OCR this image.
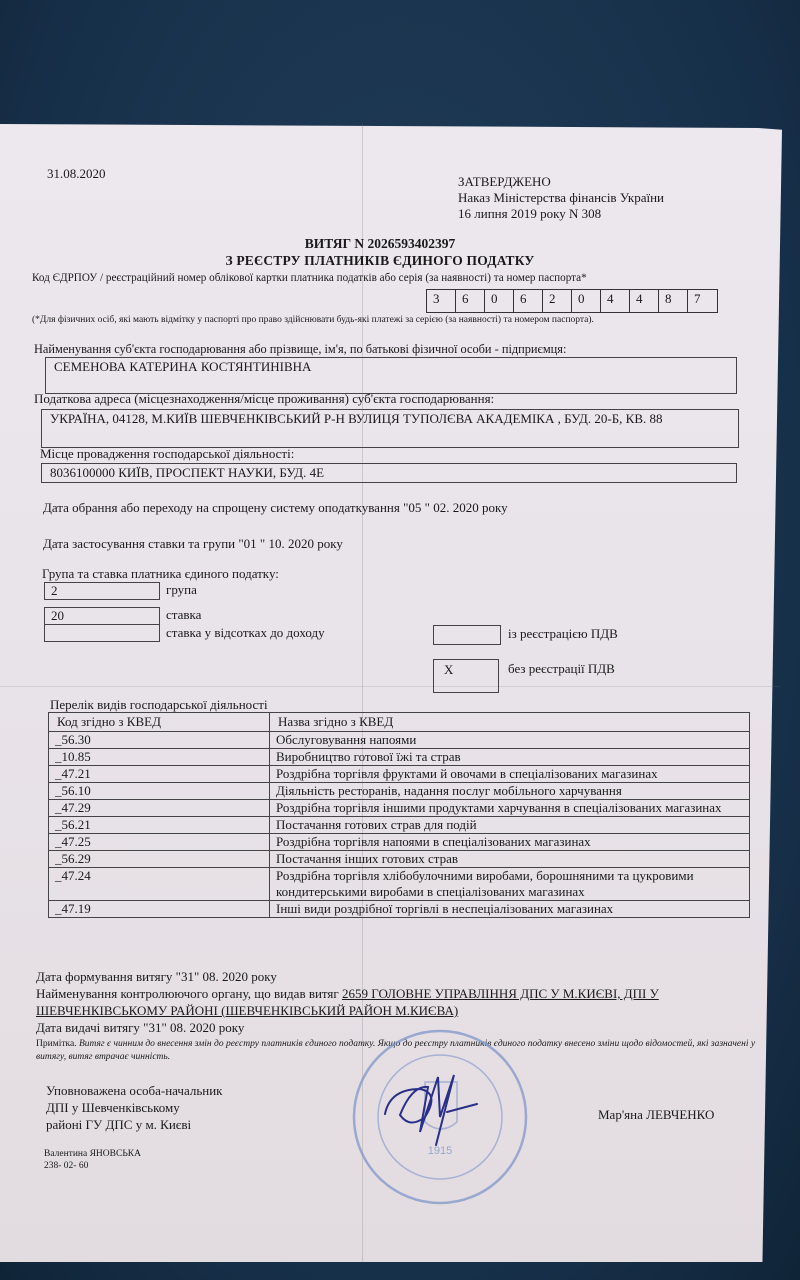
31.08.2020
ЗАТВЕРДЖЕНО
Наказ Міністерства фінансів України
16 липня 2019 року N 308
ВИТЯГ N 2026593402397
З РЕЄСТРУ ПЛАТНИКІВ ЄДИНОГО ПОДАТКУ
Код ЄДРПОУ / реєстраційний номер облікової картки платника податків або серія (за наявності) та номер паспорта*
3	6	0	6	2	0	4	4	8	7
(*Для фізичних осіб, які мають відмітку у паспорті про право здійснювати будь-які платежі за серією (за наявності) та номером паспорта).
Найменування суб'єкта господарювання або прізвище, ім'я, по батькові фізичної особи - підприємця:
СЕМЕНОВА КАТЕРИНА КОСТЯНТИНІВНА
Податкова адреса (місцезнаходження/місце проживання) суб'єкта господарювання:
УКРАЇНА, 04128, М.КИЇВ ШЕВЧЕНКІВСЬКИЙ Р-Н ВУЛИЦЯ ТУПОЛЄВА АКАДЕМІКА , БУД. 20-Б, КВ. 88
Місце провадження господарської діяльності:
8036100000 КИЇВ, ПРОСПЕКТ НАУКИ, БУД. 4Е
Дата обрання або переходу на спрощену систему оподаткування "05 " 02. 2020 року
Дата застосування ставки та групи "01 " 10. 2020 року
Група та ставка платника єдиного податку:
2	група
20	ставка
ставка у відсотках до доходу	із реєстрацією ПДВ
X	без реєстрації ПДВ
Перелік видів господарської діяльності
Код згідно з КВЕД	Назва згідно з КВЕД
_56.30	Обслуговування напоями
_10.85	Виробництво готової їжі та страв
_47.21	Роздрібна торгівля фруктами й овочами в спеціалізованих магазинах
_56.10	Діяльність ресторанів, надання послуг мобільного харчування
_47.29	Роздрібна торгівля іншими продуктами харчування в спеціалізованих магазинах
_56.21	Постачання готових страв для подій
_47.25	Роздрібна торгівля напоями в спеціалізованих магазинах
_56.29	Постачання інших готових страв
_47.24	Роздрібна торгівля хлібобулочними виробами, борошняними та цукровими кондитерськими виробами в спеціалізованих магазинах
_47.19	Інші види роздрібної торгівлі в неспеціалізованих магазинах
Дата формування витягу "31" 08. 2020 року
Найменування контролюючого органу, що видав витяг 2659 ГОЛОВНЕ УПРАВЛІННЯ ДПС У М.КИЄВІ, ДПІ У ШЕВЧЕНКІВСЬКОМУ РАЙОНІ (ШЕВЧЕНКІВСЬКИЙ РАЙОН М.КИЄВА)
Дата видачі витягу "31" 08. 2020 року
Примітка. Витяг є чинним до внесення змін до реєстру платників єдиного податку. Якщо до реєстру платників єдиного податку внесено зміни щодо відомостей, які зазначені у витягу, витяг втрачає чинність.
Уповноважена особа-начальник
ДПІ у Шевченківському
районі ГУ ДПС у м. Києві
Мар'яна ЛЕВЧЕНКО
Валентина ЯНОВСЬКА
238- 02- 60
1915
